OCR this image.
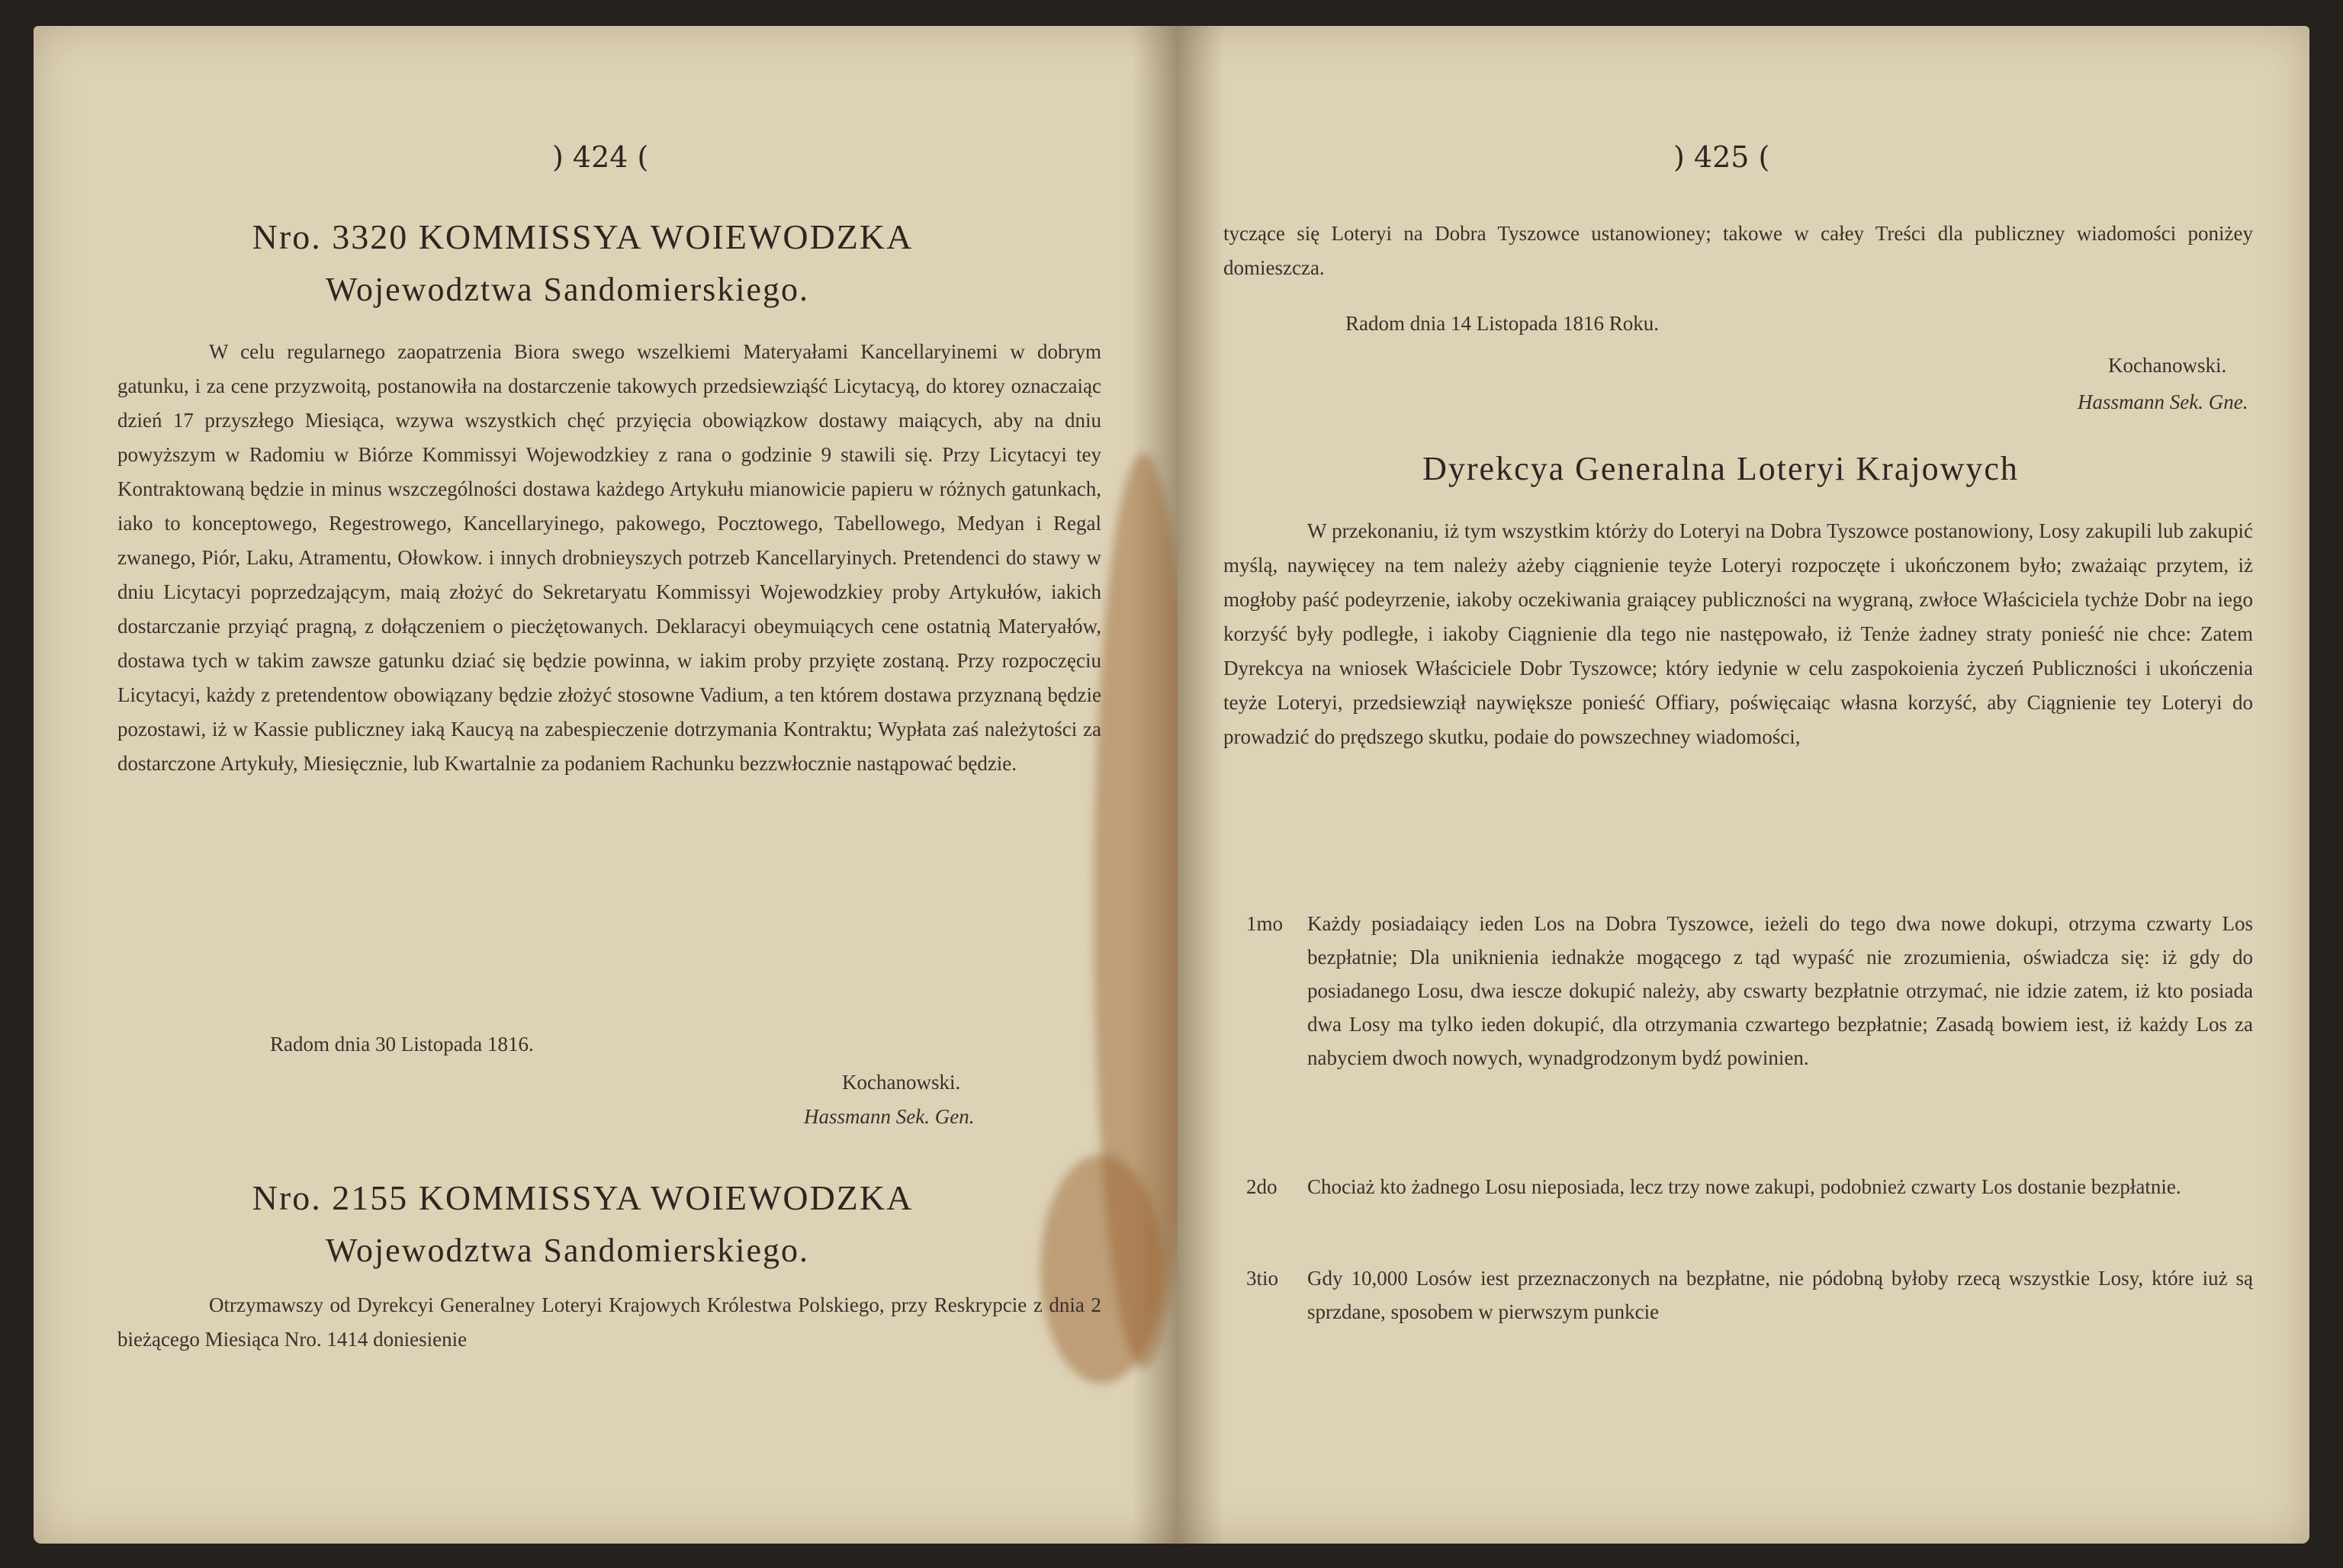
) 424 (
Nro. 3320 KOMMISSYA WOIEWODZKA
Wojewodztwa Sandomierskiego.

W celu regularnego zaopatrzenia Biora swego wszelkiemi Materyałami Kancellaryinemi w dobrym gatunku, i za cene przyzwoitą, postanowiła na dostarczenie takowych przedsiewziąść Licytacyą, do ktorey oznaczaiąc dzień 17 przyszłego Miesiąca, wzywa wszystkich chęć przyięcia obowiązkow dostawy maiących, aby na dniu powyższym w Radomiu w Biórze Kommissyi Wojewodzkiey z rana o godzinie 9 stawili się. Przy Licytacyi tey Kontraktowaną będzie in minus wszczególności dostawa każdego Artykułu mianowicie papieru w różnych gatunkach, iako to konceptowego, Regestrowego, Kancellaryinego, pakowego, Pocztowego, Tabellowego, Medyan i Regal zwanego, Piór, Laku, Atramentu, Ołowkow. i innych drobnieyszych potrzeb Kancellaryinych. Pretendenci do stawy w dniu Licytacyi poprzedzającym, maią złożyć do Sekretaryatu Kommissyi Wojewodzkiey proby Artykułów, iakich dostarczanie przyiąć pragną, z dołączeniem o piecżętowanych. Deklaracyi obeymuiących cene ostatnią Materyałów, dostawa tych w takim zawsze gatunku dziać się będzie powinna, w iakim proby przyięte zostaną. Przy rozpoczęciu Licytacyi, każdy z pretendentow obowiązany będzie złożyć stosowne Vadium, a ten którem dostawa przyznaną będzie pozostawi, iż w Kassie publiczney iaką Kaucyą na zabespieczenie dotrzymania Kontraktu; Wypłata zaś należytości za dostarczone Artykuły, Miesięcznie, lub Kwartalnie za podaniem Rachunku bezzwłocznie nastąpować będzie.

Radom dnia 30 Listopada 1816.
Kochanowski.
Hassmann Sek. Gen.
Nro. 2155 KOMMISSYA WOIEWODZKA
Wojewodztwa Sandomierskiego.

Otrzymawszy od Dyrekcyi Generalney Loteryi Krajowych Królestwa Polskiego, przy Reskrypcie z dnia 2 bieżącego Miesiąca Nro. 1414 doniesienie

) 425 (

tyczące się Loteryi na Dobra Tyszowce ustanowioney; takowe w całey Treści dla publiczney wiadomości poniżey domieszcza.

Radom dnia 14 Listopada 1816 Roku.
Kochanowski.
Hassmann Sek. Gne.
Dyrekcya Generalna Loteryi Krajowych

W przekonaniu, iż tym wszystkim którży do Loteryi na Dobra Tyszowce postanowiony, Losy zakupili lub zakupić myślą, naywięcey na tem należy ażeby ciągnienie teyże Loteryi rozpoczęte i ukończonem było; zważaiąc przytem, iż mogłoby paść podeyrzenie, iakoby oczekiwania graiącey publiczności na wygraną, zwłoce Właściciela tychże Dobr na iego korzyść były podległe, i iakoby Ciągnienie dla tego nie następowało, iż Tenże żadney straty ponieść nie chce: Zatem Dyrekcya na wniosek Właściciele Dobr Tyszowce; który iedynie w celu zaspokoienia życzeń Publiczności i ukończenia teyże Loteryi, przedsiewziął naywiększe ponieść Offiary, poświęcaiąc własna korzyść, aby Ciągnienie tey Loteryi do prowadzić do prędszego skutku, podaie do powszechney wiadomości,

1mo Każdy posiadaiący ieden Los na Dobra Tyszowce, ieżeli do tego dwa nowe dokupi, otrzyma czwarty Los bezpłatnie; Dla uniknienia iednakże mogącego z tąd wypaść nie zrozumienia, oświadcza się: iż gdy do posiadanego Losu, dwa iescze dokupić należy, aby cswarty bezpłatnie otrzymać, nie idzie zatem, iż kto posiada dwa Losy ma tylko ieden dokupić, dla otrzymania czwartego bezpłatnie; Zasadą bowiem iest, iż każdy Los za nabyciem dwoch nowych, wynadgrodzonym bydź powinien.
2do Chociaż kto żadnego Losu nieposiada, lecz trzy nowe zakupi, podobnież czwarty Los dostanie bezpłatnie.
3tio Gdy 10,000 Losów iest przeznaczonych na bezpłatne, nie pódobną byłoby rzecą wszystkie Losy, które iuż są sprzdane, sposobem w pierwszym punkcie
